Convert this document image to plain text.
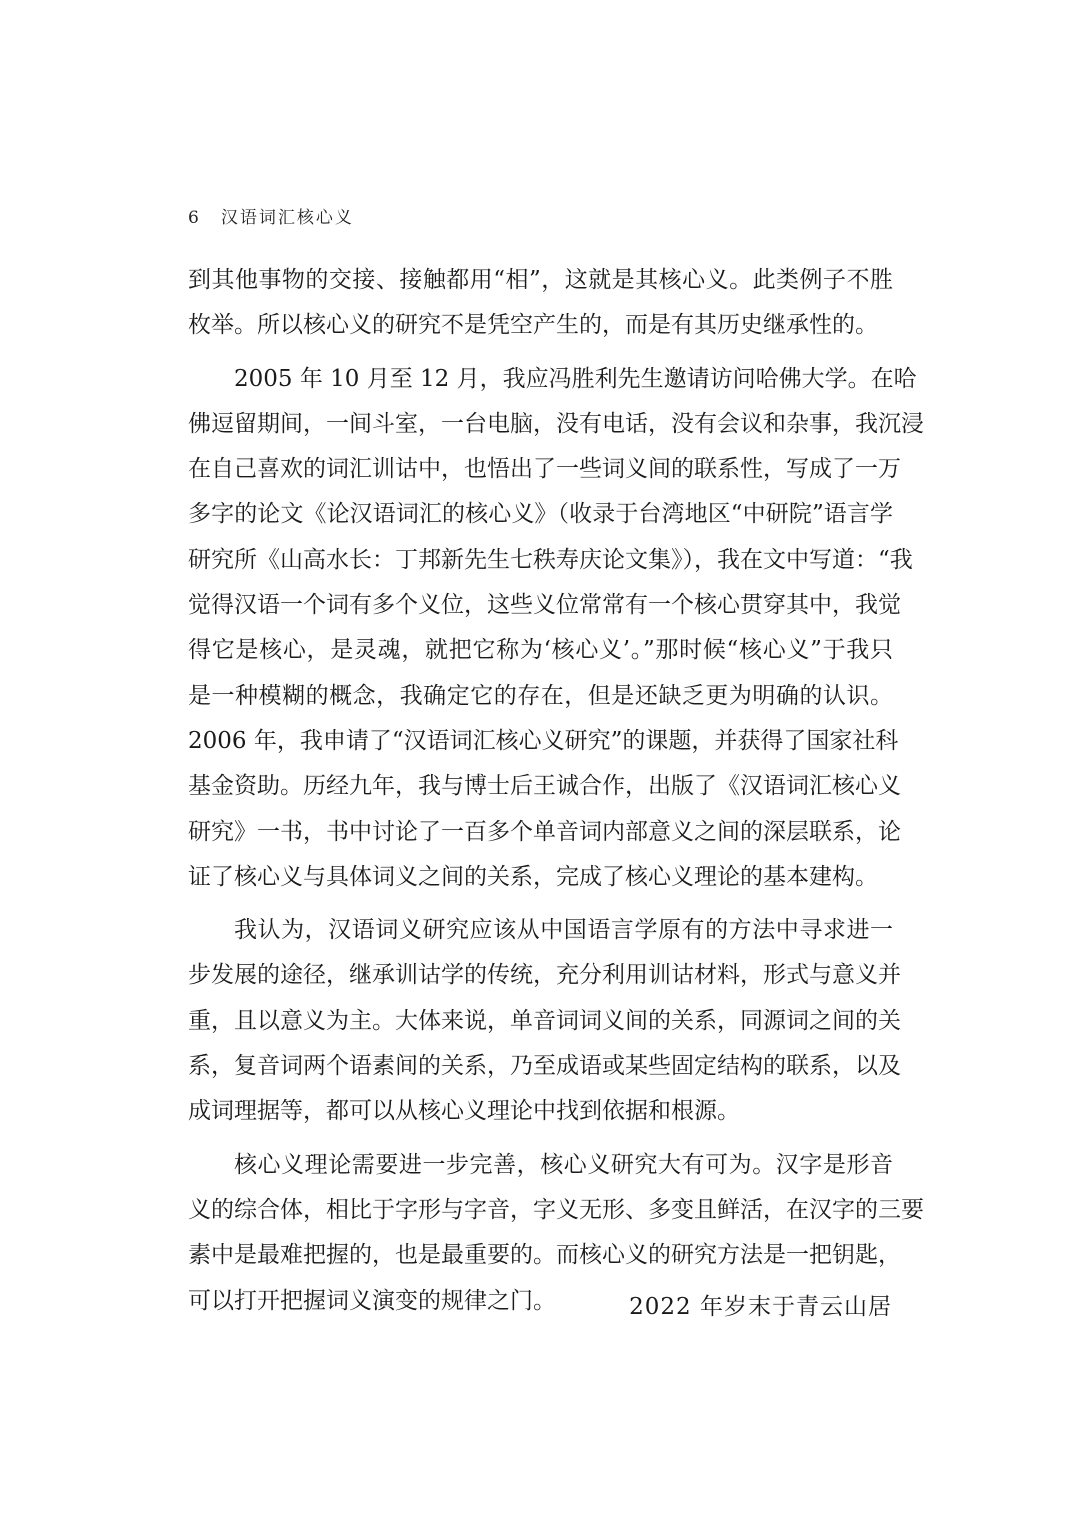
6 汉语词汇核心义
到其他事物的交接、接触都用“相”，这就是其核心义。此类例子不胜
枚举。所以核心义的研究不是凭空产生的，而是有其历史继承性的。
2005 年 10 月至 12 月，我应冯胜利先生邀请访问哈佛大学。在哈
佛逗留期间，一间斗室，一台电脑，没有电话，没有会议和杂事，我沉浸
在自己喜欢的词汇训诂中，也悟出了一些词义间的联系性，写成了一万
多字的论文《论汉语词汇的核心义》（收录于台湾地区“中研院”语言学
研究所《山高水长：丁邦新先生七秩寿庆论文集》），我在文中写道：“我
觉得汉语一个词有多个义位，这些义位常常有一个核心贯穿其中，我觉
得它是核心，是灵魂，就把它称为‘核心义’。”那时候“核心义”于我只
是一种模糊的概念，我确定它的存在，但是还缺乏更为明确的认识。
2006 年，我申请了“汉语词汇核心义研究”的课题，并获得了国家社科
基金资助。历经九年，我与博士后王诚合作，出版了《汉语词汇核心义
研究》一书，书中讨论了一百多个单音词内部意义之间的深层联系，论
证了核心义与具体词义之间的关系，完成了核心义理论的基本建构。
我认为，汉语词义研究应该从中国语言学原有的方法中寻求进一
步发展的途径，继承训诂学的传统，充分利用训诂材料，形式与意义并
重，且以意义为主。大体来说，单音词词义间的关系，同源词之间的关
系，复音词两个语素间的关系，乃至成语或某些固定结构的联系，以及
成词理据等，都可以从核心义理论中找到依据和根源。
核心义理论需要进一步完善，核心义研究大有可为。汉字是形音
义的综合体，相比于字形与字音，字义无形、多变且鲜活，在汉字的三要
素中是最难把握的，也是最重要的。而核心义的研究方法是一把钥匙，
可以打开把握词义演变的规律之门。	2022 年岁末于青云山居
